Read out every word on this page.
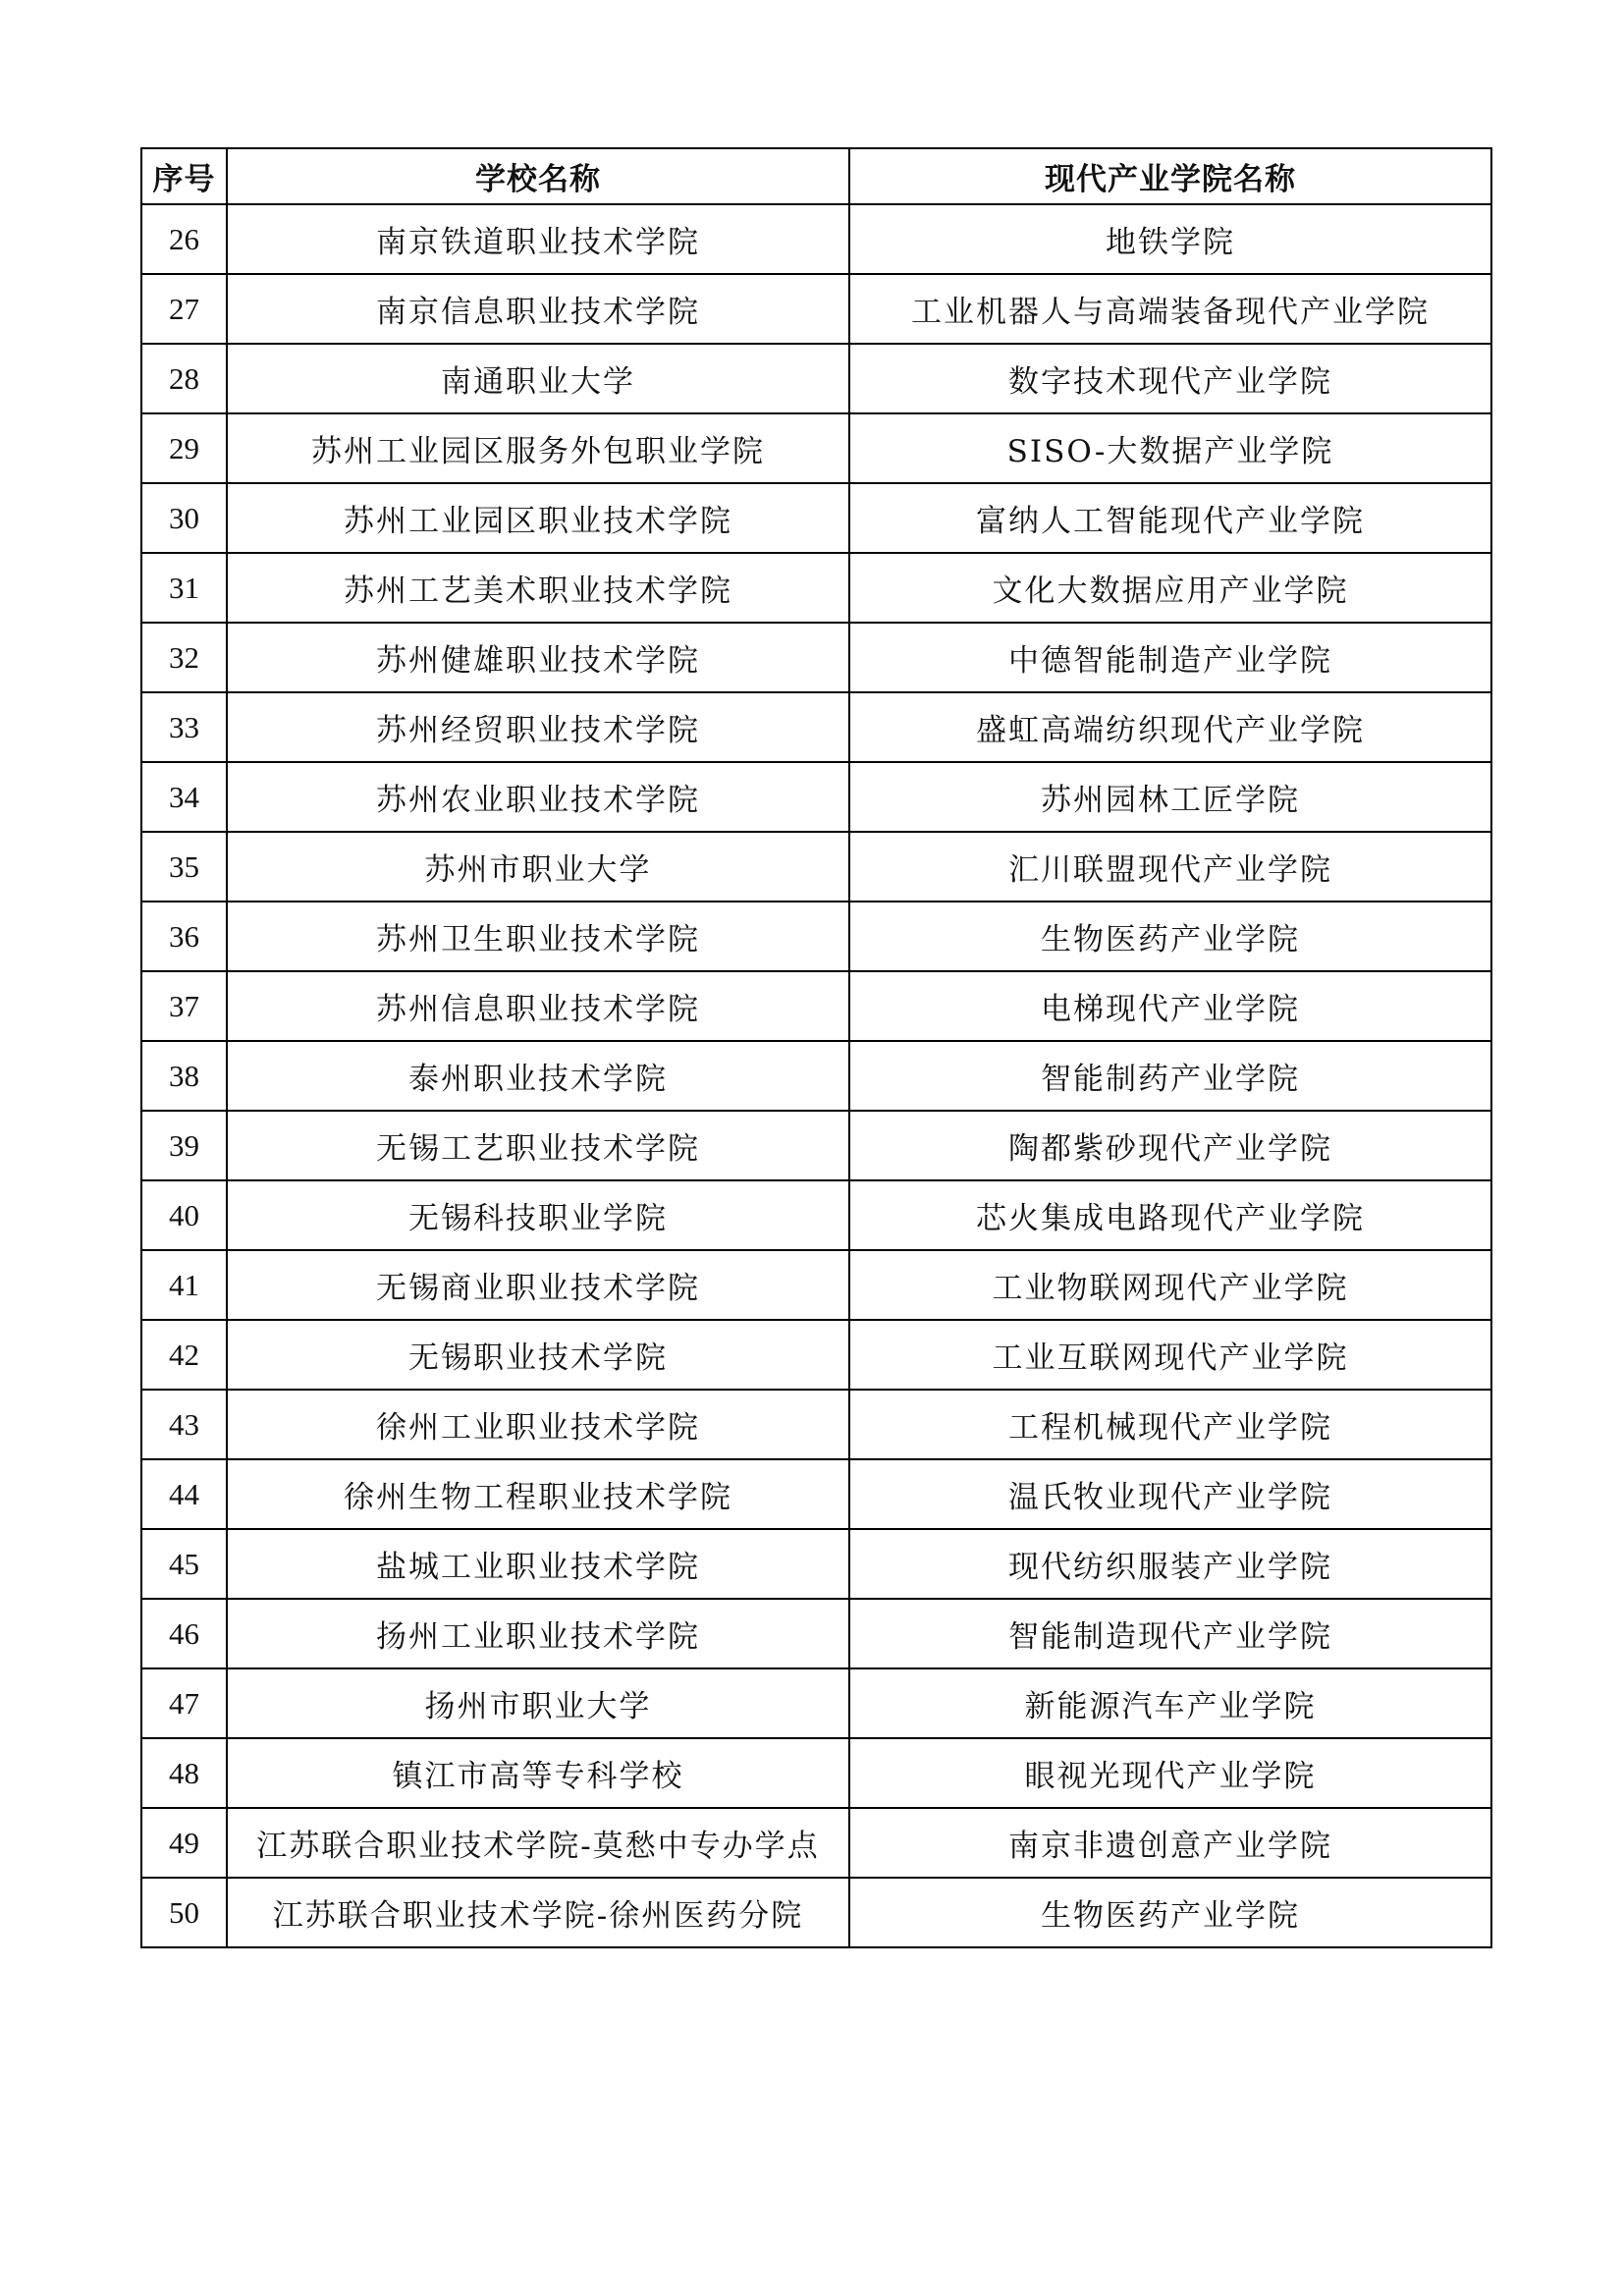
序号	学校名称	现代产业学院名称
26	南京铁道职业技术学院	地铁学院
27	南京信息职业技术学院	工业机器人与高端装备现代产业学院
28	南通职业大学	数字技术现代产业学院
29	苏州工业园区服务外包职业学院	SISO-大数据产业学院
30	苏州工业园区职业技术学院	富纳人工智能现代产业学院
31	苏州工艺美术职业技术学院	文化大数据应用产业学院
32	苏州健雄职业技术学院	中德智能制造产业学院
33	苏州经贸职业技术学院	盛虹高端纺织现代产业学院
34	苏州农业职业技术学院	苏州园林工匠学院
35	苏州市职业大学	汇川联盟现代产业学院
36	苏州卫生职业技术学院	生物医药产业学院
37	苏州信息职业技术学院	电梯现代产业学院
38	泰州职业技术学院	智能制药产业学院
39	无锡工艺职业技术学院	陶都紫砂现代产业学院
40	无锡科技职业学院	芯火集成电路现代产业学院
41	无锡商业职业技术学院	工业物联网现代产业学院
42	无锡职业技术学院	工业互联网现代产业学院
43	徐州工业职业技术学院	工程机械现代产业学院
44	徐州生物工程职业技术学院	温氏牧业现代产业学院
45	盐城工业职业技术学院	现代纺织服装产业学院
46	扬州工业职业技术学院	智能制造现代产业学院
47	扬州市职业大学	新能源汽车产业学院
48	镇江市高等专科学校	眼视光现代产业学院
49	江苏联合职业技术学院-莫愁中专办学点	南京非遗创意产业学院
50	江苏联合职业技术学院-徐州医药分院	生物医药产业学院
